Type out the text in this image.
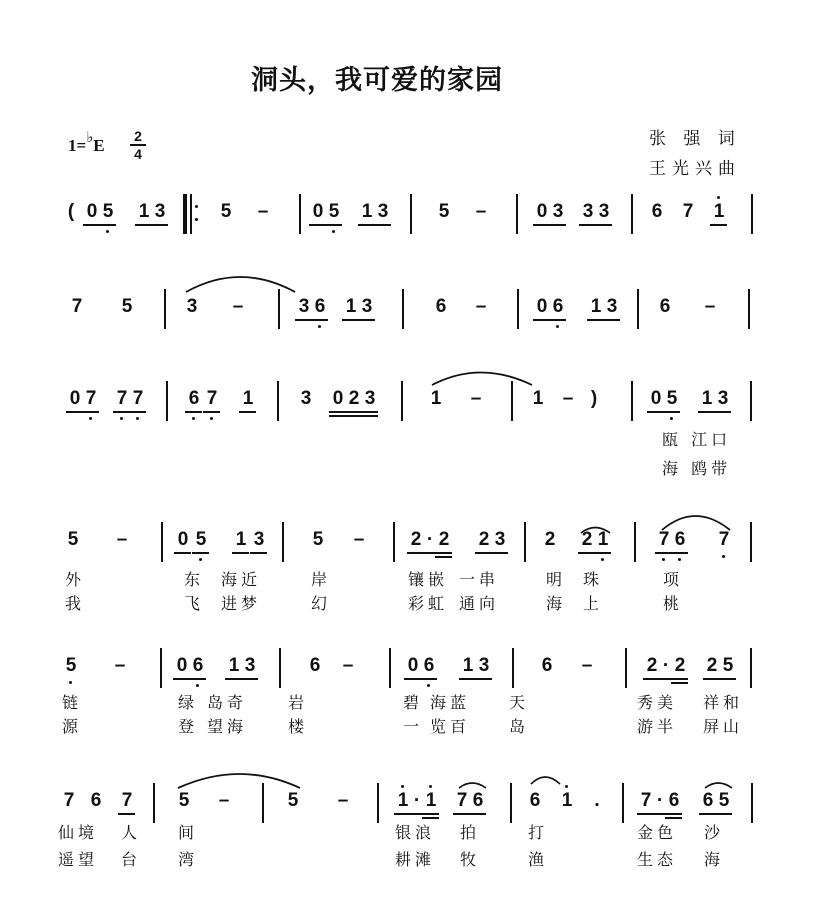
洞头，我可爱的家园
1=♭E 2
4
张 强 词
王光兴曲
( 0 5 1 3	5 – 0 5 1 3	5 –	0 3 3 3 6 7 1
7 5	3 –	3 6 1 3	6 –	0 6 1 3 6 –
0 7 7 7 6 7 1 3 0 2 3	1 –	1 – )	0 5 1 3
5 –	0 5 1 3	5 – 2 · 2 2 3 2 2 1	7 6 7
5 –	0 6 1 3	6 –	0 6 1 3	6 –	2 · 2 2 5
7 6 7 5 –	5 –	1 · 1 7 6 6 1 . 7 · 6 6 5
瓯 江口
海 鸥带
外	东 海近	岸	镶嵌 一串	明 珠	项
我	飞 进梦	幻	彩虹 通向	海 上	桃
链	绿 岛奇	岩	碧 海蓝 天	秀美 祥和
源	登 望海	楼	一 览百 岛	游半 屏山
仙境 人 间	银浪 拍	打	金色 沙
遥望 台 湾	耕滩 牧	渔	生态 海
